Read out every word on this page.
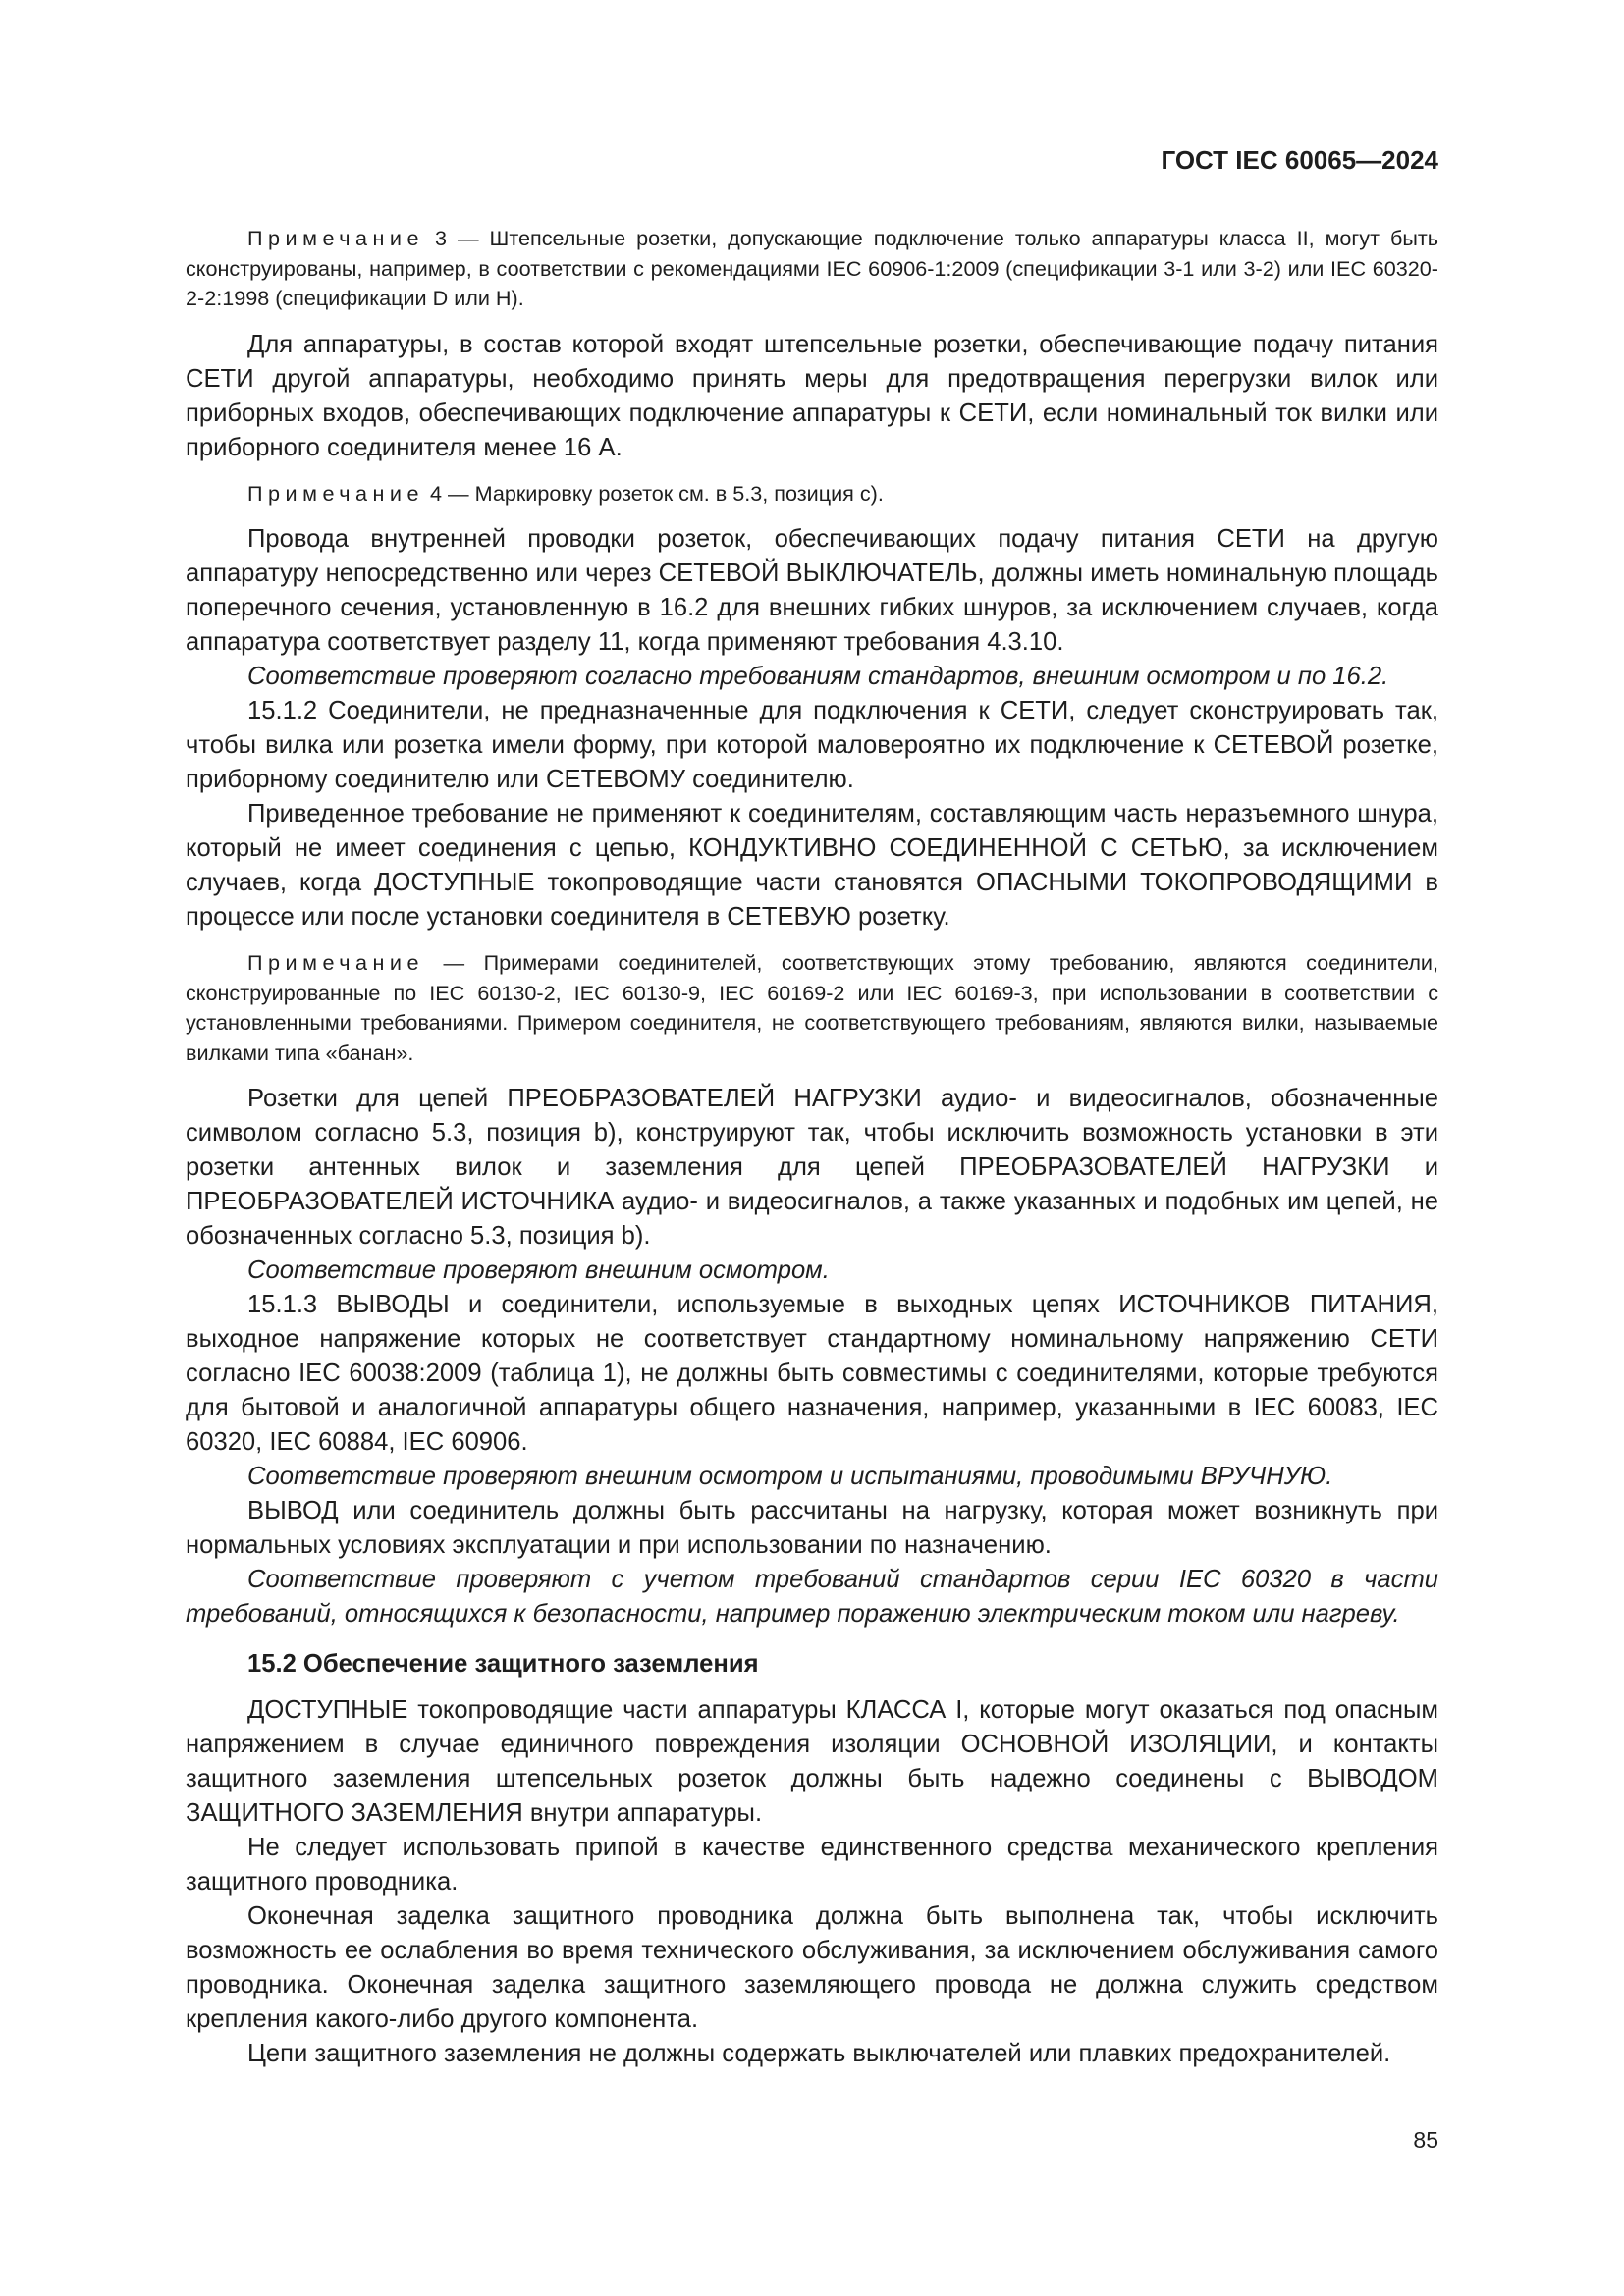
ГОСТ IEC 60065—2024

Примечание 3 — Штепсельные розетки, допускающие подключение только аппаратуры класса II, могут быть сконструированы, например, в соответствии с рекомендациями IEC 60906-1:2009 (спецификации 3-1 или 3-2) или IEC 60320-2-2:1998 (спецификации D или H).

Для аппаратуры, в состав которой входят штепсельные розетки, обеспечивающие подачу питания СЕТИ другой аппаратуры, необходимо принять меры для предотвращения перегрузки вилок или приборных входов, обеспечивающих подключение аппаратуры к СЕТИ, если номинальный ток вилки или приборного соединителя менее 16 А.

Примечание 4 — Маркировку розеток см. в 5.3, позиция с).

Провода внутренней проводки розеток, обеспечивающих подачу питания СЕТИ на другую аппаратуру непосредственно или через СЕТЕВОЙ ВЫКЛЮЧАТЕЛЬ, должны иметь номинальную площадь поперечного сечения, установленную в 16.2 для внешних гибких шнуров, за исключением случаев, когда аппаратура соответствует разделу 11, когда применяют требования 4.3.10.

Соответствие проверяют согласно требованиям стандартов, внешним осмотром и по 16.2.

15.1.2 Соединители, не предназначенные для подключения к СЕТИ, следует сконструировать так, чтобы вилка или розетка имели форму, при которой маловероятно их подключение к СЕТЕВОЙ розетке, приборному соединителю или СЕТЕВОМУ соединителю.

Приведенное требование не применяют к соединителям, составляющим часть неразъемного шнура, который не имеет соединения с цепью, КОНДУКТИВНО СОЕДИНЕННОЙ С СЕТЬЮ, за исключением случаев, когда ДОСТУПНЫЕ токопроводящие части становятся ОПАСНЫМИ ТОКОПРОВОДЯЩИМИ в процессе или после установки соединителя в СЕТЕВУЮ розетку.

Примечание — Примерами соединителей, соответствующих этому требованию, являются соединители, сконструированные по IEC 60130-2, IEC 60130-9, IEC 60169-2 или IEC 60169-3, при использовании в соответствии с установленными требованиями. Примером соединителя, не соответствующего требованиям, являются вилки, называемые вилками типа «банан».

Розетки для цепей ПРЕОБРАЗОВАТЕЛЕЙ НАГРУЗКИ аудио- и видеосигналов, обозначенные символом согласно 5.3, позиция b), конструируют так, чтобы исключить возможность установки в эти розетки антенных вилок и заземления для цепей ПРЕОБРАЗОВАТЕЛЕЙ НАГРУЗКИ и ПРЕОБРАЗОВАТЕЛЕЙ ИСТОЧНИКА аудио- и видеосигналов, а также указанных и подобных им цепей, не обозначенных согласно 5.3, позиция b).

Соответствие проверяют внешним осмотром.

15.1.3 ВЫВОДЫ и соединители, используемые в выходных цепях ИСТОЧНИКОВ ПИТАНИЯ, выходное напряжение которых не соответствует стандартному номинальному напряжению СЕТИ согласно IEC 60038:2009 (таблица 1), не должны быть совместимы с соединителями, которые требуются для бытовой и аналогичной аппаратуры общего назначения, например, указанными в IEC 60083, IEC 60320, IEC 60884, IEC 60906.

Соответствие проверяют внешним осмотром и испытаниями, проводимыми ВРУЧНУЮ.

ВЫВОД или соединитель должны быть рассчитаны на нагрузку, которая может возникнуть при нормальных условиях эксплуатации и при использовании по назначению.

Соответствие проверяют с учетом требований стандартов серии IEC 60320 в части требований, относящихся к безопасности, например поражению электрическим током или нагреву.

15.2 Обеспечение защитного заземления

ДОСТУПНЫЕ токопроводящие части аппаратуры КЛАССА I, которые могут оказаться под опасным напряжением в случае единичного повреждения изоляции ОСНОВНОЙ ИЗОЛЯЦИИ, и контакты защитного заземления штепсельных розеток должны быть надежно соединены с ВЫВОДОМ ЗАЩИТНОГО ЗАЗЕМЛЕНИЯ внутри аппаратуры.

Не следует использовать припой в качестве единственного средства механического крепления защитного проводника.

Оконечная заделка защитного проводника должна быть выполнена так, чтобы исключить возможность ее ослабления во время технического обслуживания, за исключением обслуживания самого проводника. Оконечная заделка защитного заземляющего провода не должна служить средством крепления какого-либо другого компонента.

Цепи защитного заземления не должны содержать выключателей или плавких предохранителей.

85
